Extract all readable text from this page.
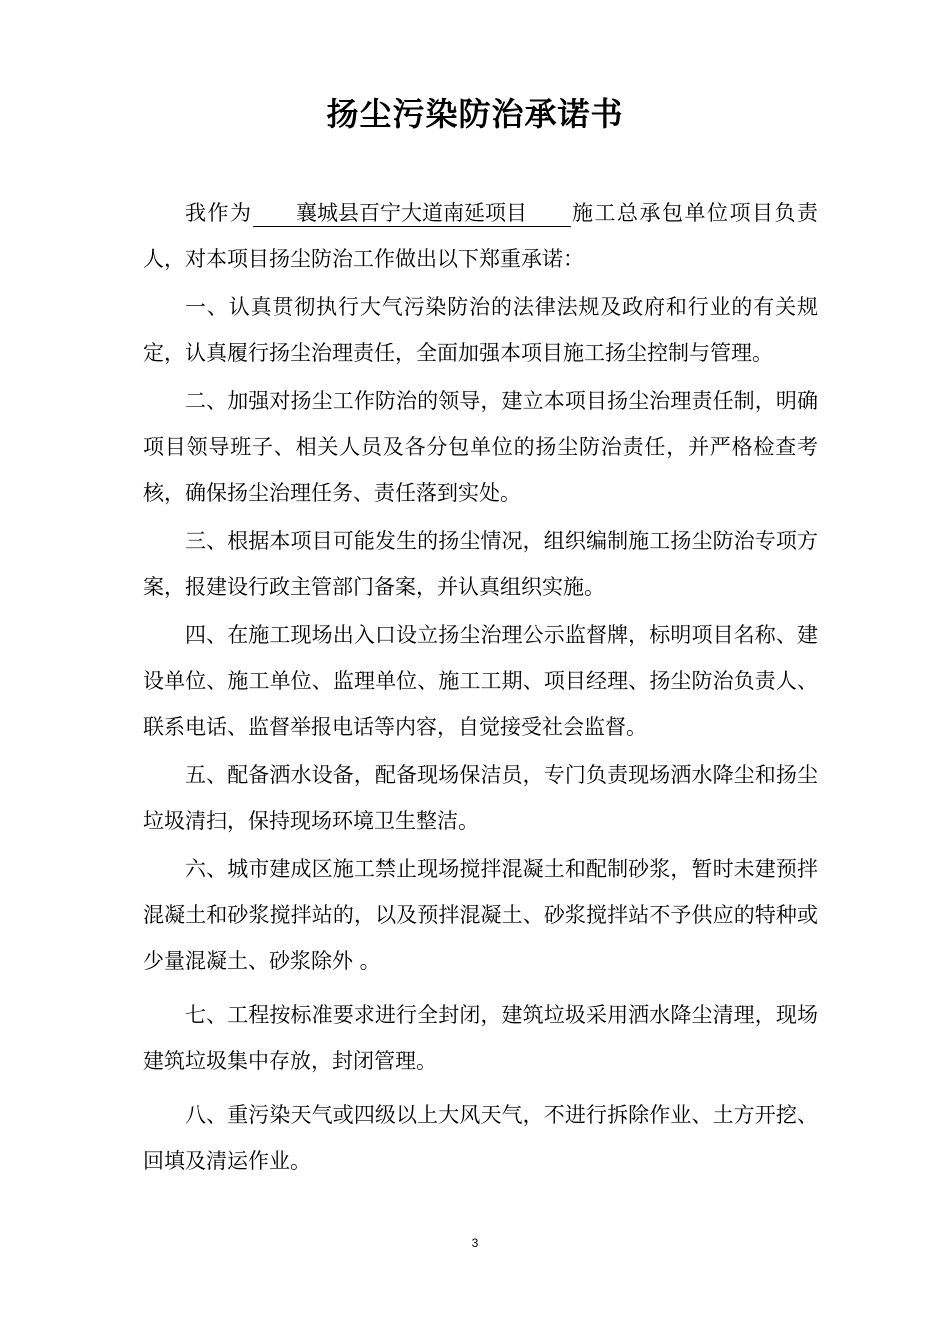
扬尘污染防治承诺书

我作为 襄城县百宁大道南延项目 施工总承包单位项目负责人，对本项目扬尘防治工作做出以下郑重承诺：

一、认真贯彻执行大气污染防治的法律法规及政府和行业的有关规定，认真履行扬尘治理责任，全面加强本项目施工扬尘控制与管理。

二、加强对扬尘工作防治的领导，建立本项目扬尘治理责任制，明确项目领导班子、相关人员及各分包单位的扬尘防治责任，并严格检查考核，确保扬尘治理任务、责任落到实处。

三、根据本项目可能发生的扬尘情况，组织编制施工扬尘防治专项方案，报建设行政主管部门备案，并认真组织实施。

四、在施工现场出入口设立扬尘治理公示监督牌，标明项目名称、建设单位、施工单位、监理单位、施工工期、项目经理、扬尘防治负责人、联系电话、监督举报电话等内容，自觉接受社会监督。

五、配备洒水设备，配备现场保洁员，专门负责现场洒水降尘和扬尘垃圾清扫，保持现场环境卫生整洁。

六、城市建成区施工禁止现场搅拌混凝土和配制砂浆，暂时未建预拌混凝土和砂浆搅拌站的，以及预拌混凝土、砂浆搅拌站不予供应的特种或少量混凝土、砂浆除外 。

七、工程按标准要求进行全封闭，建筑垃圾采用洒水降尘清理，现场建筑垃圾集中存放，封闭管理。

八、重污染天气或四级以上大风天气，不进行拆除作业、土方开挖、回填及清运作业。

3
